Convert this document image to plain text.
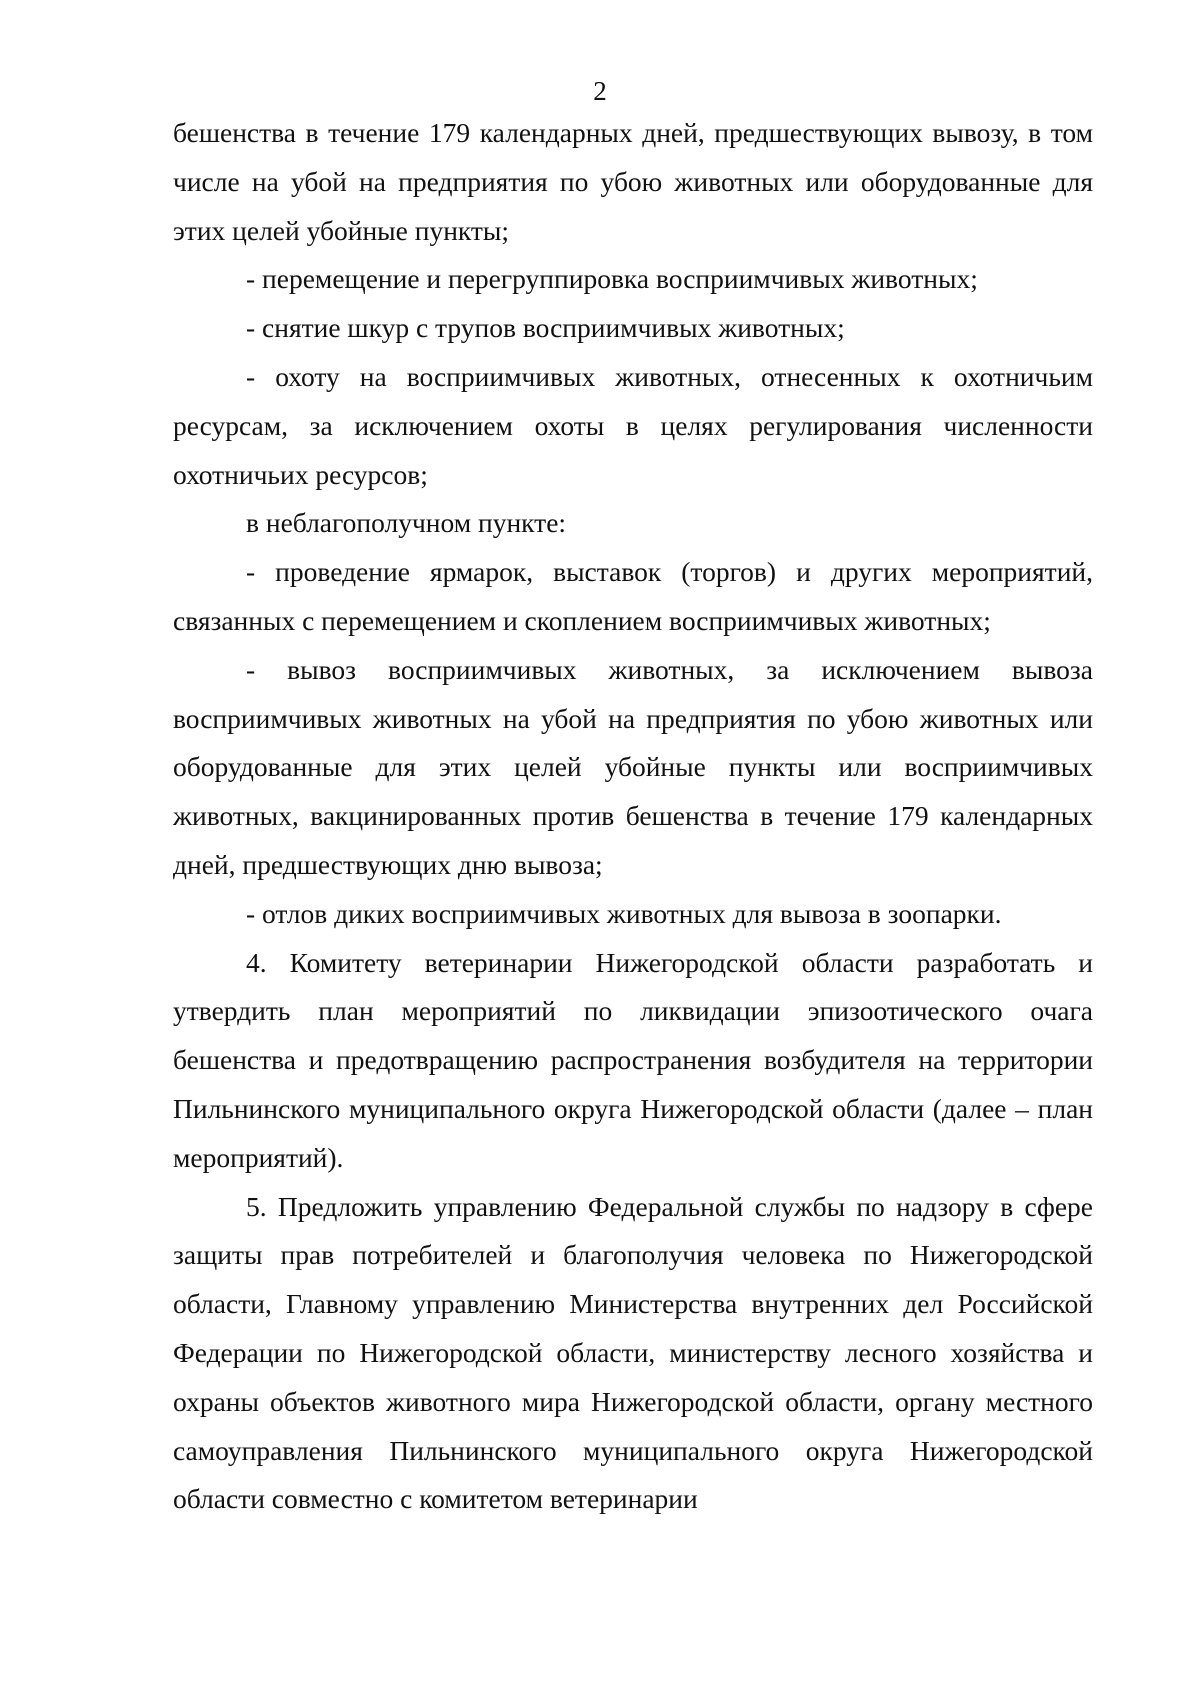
2

бешенства в течение 179 календарных дней, предшествующих вывозу, в том числе на убой на предприятия по убою животных или оборудованные для этих целей убойные пункты;

- перемещение и перегруппировка восприимчивых животных;

- снятие шкур с трупов восприимчивых животных;

- охоту на восприимчивых животных, отнесенных к охотничьим ресурсам, за исключением охоты в целях регулирования численности охотничьих ресурсов;

в неблагополучном пункте:

- проведение ярмарок, выставок (торгов) и других мероприятий, связанных с перемещением и скоплением восприимчивых животных;

- вывоз восприимчивых животных, за исключением вывоза восприимчивых животных на убой на предприятия по убою животных или оборудованные для этих целей убойные пункты или восприимчивых животных, вакцинированных против бешенства в течение 179 календарных дней, предшествующих дню вывоза;

- отлов диких восприимчивых животных для вывоза в зоопарки.

4. Комитету ветеринарии Нижегородской области разработать и утвердить план мероприятий по ликвидации эпизоотического очага бешенства и предотвращению распространения возбудителя на территории Пильнинского муниципального округа Нижегородской области (далее – план мероприятий).

5. Предложить управлению Федеральной службы по надзору в сфере защиты прав потребителей и благополучия человека по Нижегородской области, Главному управлению Министерства внутренних дел Российской Федерации по Нижегородской области, министерству лесного хозяйства и охраны объектов животного мира Нижегородской области, органу местного самоуправления Пильнинского муниципального округа Нижегородской области совместно с комитетом ветеринарии
